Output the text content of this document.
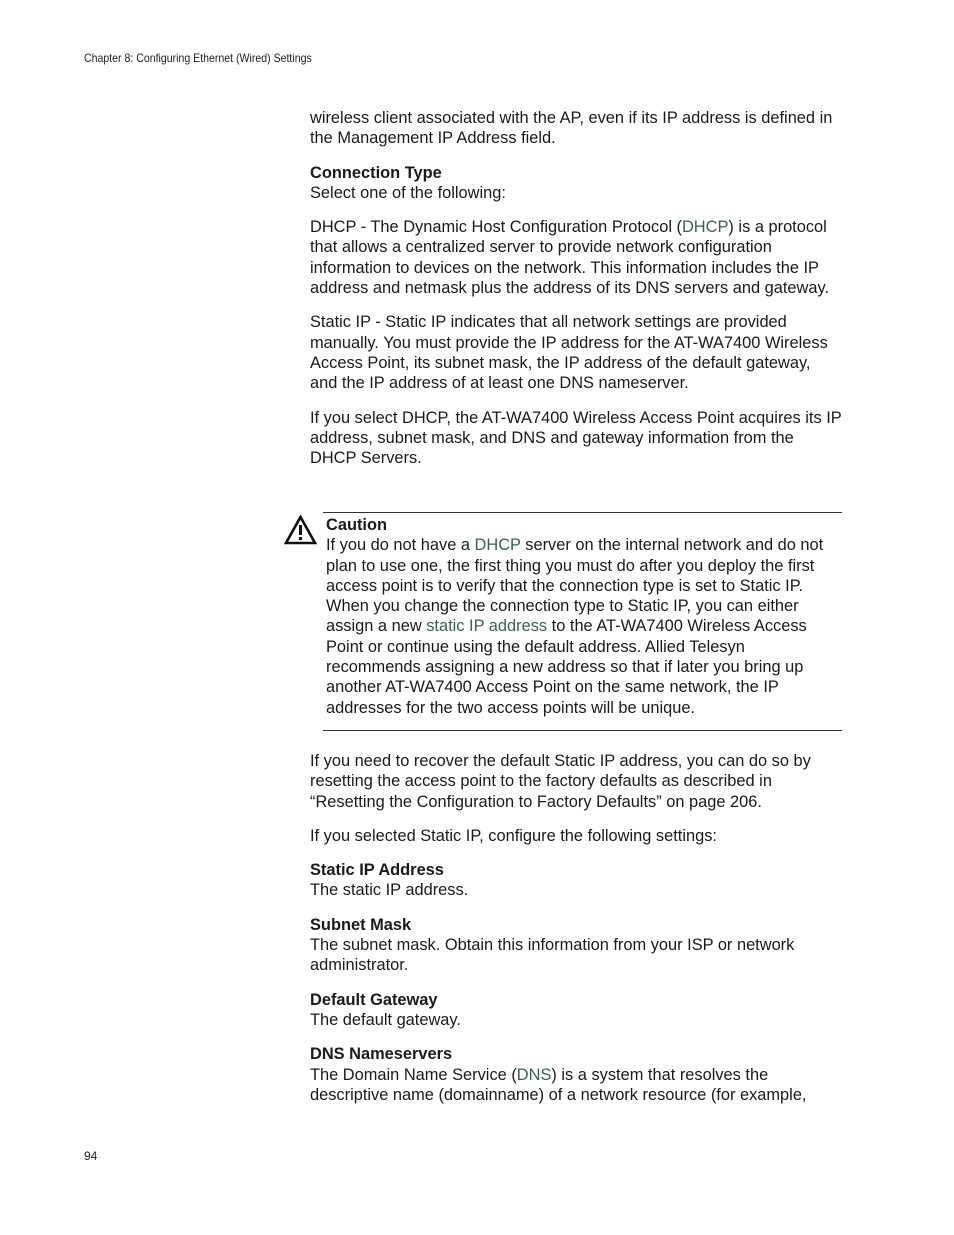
Chapter 8: Configuring Ethernet (Wired) Settings

wireless client associated with the AP, even if its IP address is defined in the Management IP Address field.

Connection Type
Select one of the following:

DHCP - The Dynamic Host Configuration Protocol (DHCP) is a protocol that allows a centralized server to provide network configuration information to devices on the network. This information includes the IP address and netmask plus the address of its DNS servers and gateway.

Static IP - Static IP indicates that all network settings are provided manually. You must provide the IP address for the AT-WA7400 Wireless Access Point, its subnet mask, the IP address of the default gateway, and the IP address of at least one DNS nameserver.

If you select DHCP, the AT-WA7400 Wireless Access Point acquires its IP address, subnet mask, and DNS and gateway information from the DHCP Servers.

Caution
If you do not have a DHCP server on the internal network and do not plan to use one, the first thing you must do after you deploy the first access point is to verify that the connection type is set to Static IP. When you change the connection type to Static IP, you can either assign a new static IP address to the AT-WA7400 Wireless Access Point or continue using the default address. Allied Telesyn recommends assigning a new address so that if later you bring up another AT-WA7400 Access Point on the same network, the IP addresses for the two access points will be unique.

If you need to recover the default Static IP address, you can do so by resetting the access point to the factory defaults as described in “Resetting the Configuration to Factory Defaults” on page 206.

If you selected Static IP, configure the following settings:

Static IP Address
The static IP address.

Subnet Mask
The subnet mask. Obtain this information from your ISP or network administrator.

Default Gateway
The default gateway.

DNS Nameservers
The Domain Name Service (DNS) is a system that resolves the descriptive name (domainname) of a network resource (for example,

94
